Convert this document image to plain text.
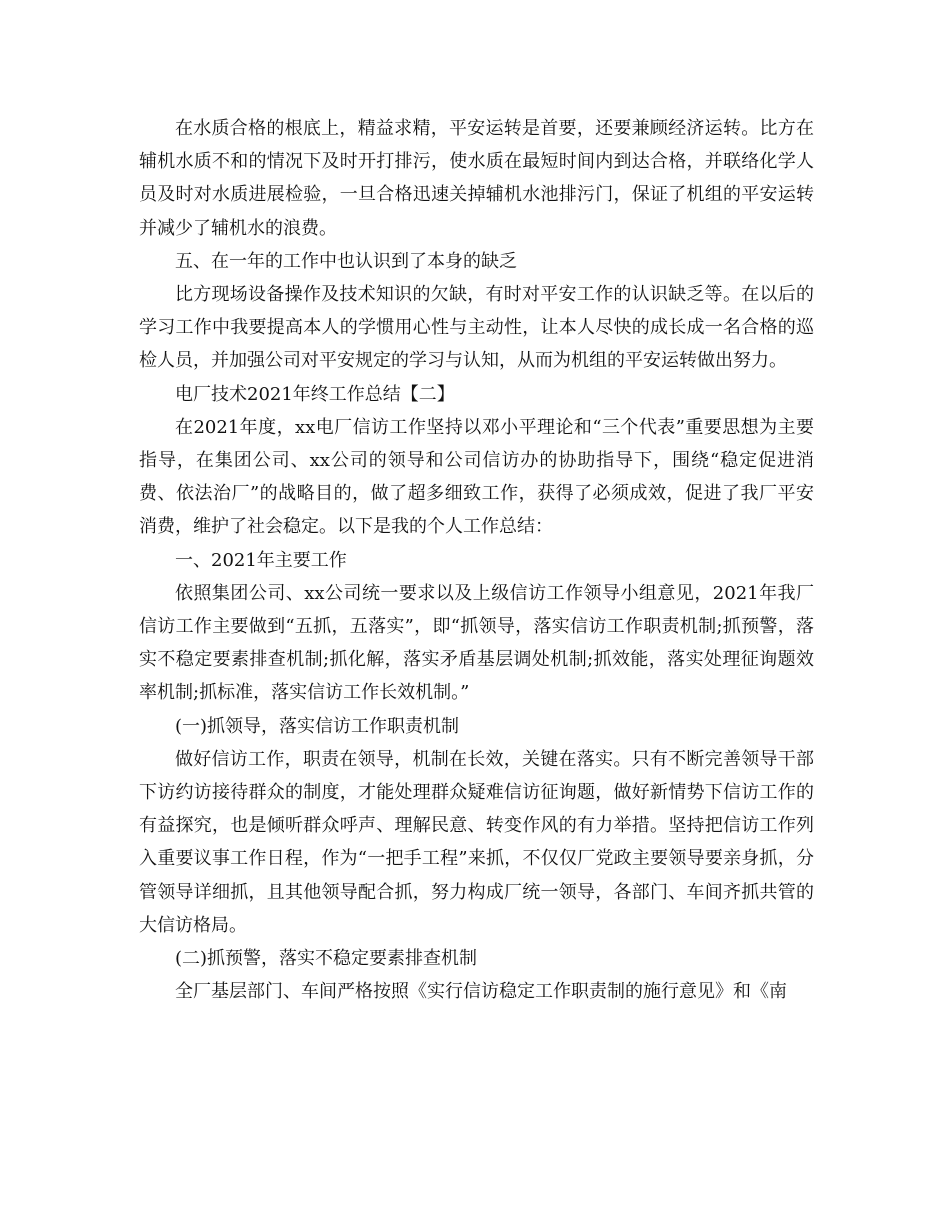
在水质合格的根底上，精益求精，平安运转是首要，还要兼顾经济运转。比方在辅机水质不和的情况下及时开打排污，使水质在最短时间内到达合格，并联络化学人员及时对水质进展检验，一旦合格迅速关掉辅机水池排污门，保证了机组的平安运转并减少了辅机水的浪费。

五、在一年的工作中也认识到了本身的缺乏

比方现场设备操作及技术知识的欠缺，有时对平安工作的认识缺乏等。在以后的学习工作中我要提高本人的学惯用心性与主动性，让本人尽快的成长成一名合格的巡检人员，并加强公司对平安规定的学习与认知，从而为机组的平安运转做出努力。

电厂技术2021年终工作总结【二】

在2021年度，xx电厂信访工作坚持以邓小平理论和“三个代表”重要思想为主要指导，在集团公司、xx公司的领导和公司信访办的协助指导下，围绕“稳定促进消费、依法治厂”的战略目的，做了超多细致工作，获得了必须成效，促进了我厂平安消费，维护了社会稳定。以下是我的个人工作总结：

一、2021年主要工作

依照集团公司、xx公司统一要求以及上级信访工作领导小组意见，2021年我厂信访工作主要做到“五抓，五落实”，即“抓领导，落实信访工作职责机制;抓预警，落实不稳定要素排查机制;抓化解，落实矛盾基层调处机制;抓效能，落实处理征询题效率机制;抓标准，落实信访工作长效机制。”

(一)抓领导，落实信访工作职责机制

做好信访工作，职责在领导，机制在长效，关键在落实。只有不断完善领导干部下访约访接待群众的制度，才能处理群众疑难信访征询题，做好新情势下信访工作的有益探究，也是倾听群众呼声、理解民意、转变作风的有力举措。坚持把信访工作列入重要议事工作日程，作为“一把手工程”来抓，不仅仅厂党政主要领导要亲身抓，分管领导详细抓，且其他领导配合抓，努力构成厂统一领导，各部门、车间齐抓共管的大信访格局。

(二)抓预警，落实不稳定要素排查机制

全厂基层部门、车间严格按照《实行信访稳定工作职责制的施行意见》和《南
